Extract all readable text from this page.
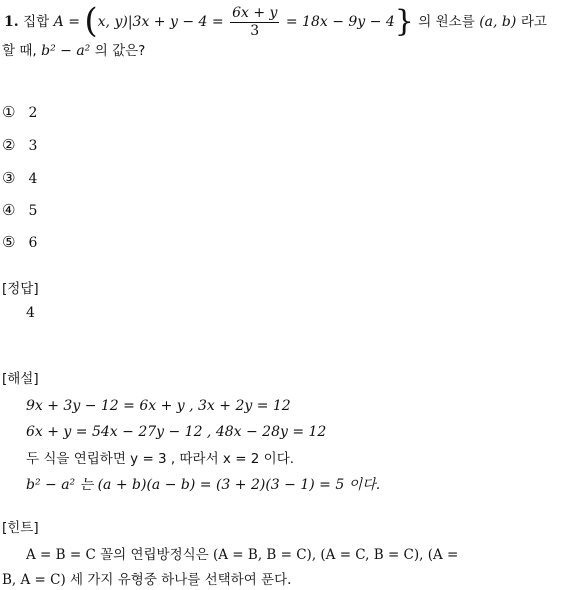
1. 집합 A = (x, $y)|3x + y - 4 = \frac{6x + y}{3} = 18x - 9y - 4$} 의 원소를 (a, b) 라고
할 때, b² − a² 의 값은?
① 2
② 3
③ 4
④ 5
⑤ 6
[정답]
4
[해설]
9x + 3y − 12 = 6x + y , 3x + 2y = 12
6x + y = 54x − 27y − 12 , 48x − 28y = 12
두 식을 연립하면 y = 3 , 따라서 x = 2 이다.
b² − a² 는 (a + b)(a − b) = (3 + 2)(3 − 1) = 5 이다.
[힌트]
A = B = C 꼴의 연립방정식은 (A = B, B = C), (A = C, B = C), (A =
B, A = C) 세 가지 유형중 하나를 선택하여 푼다.
